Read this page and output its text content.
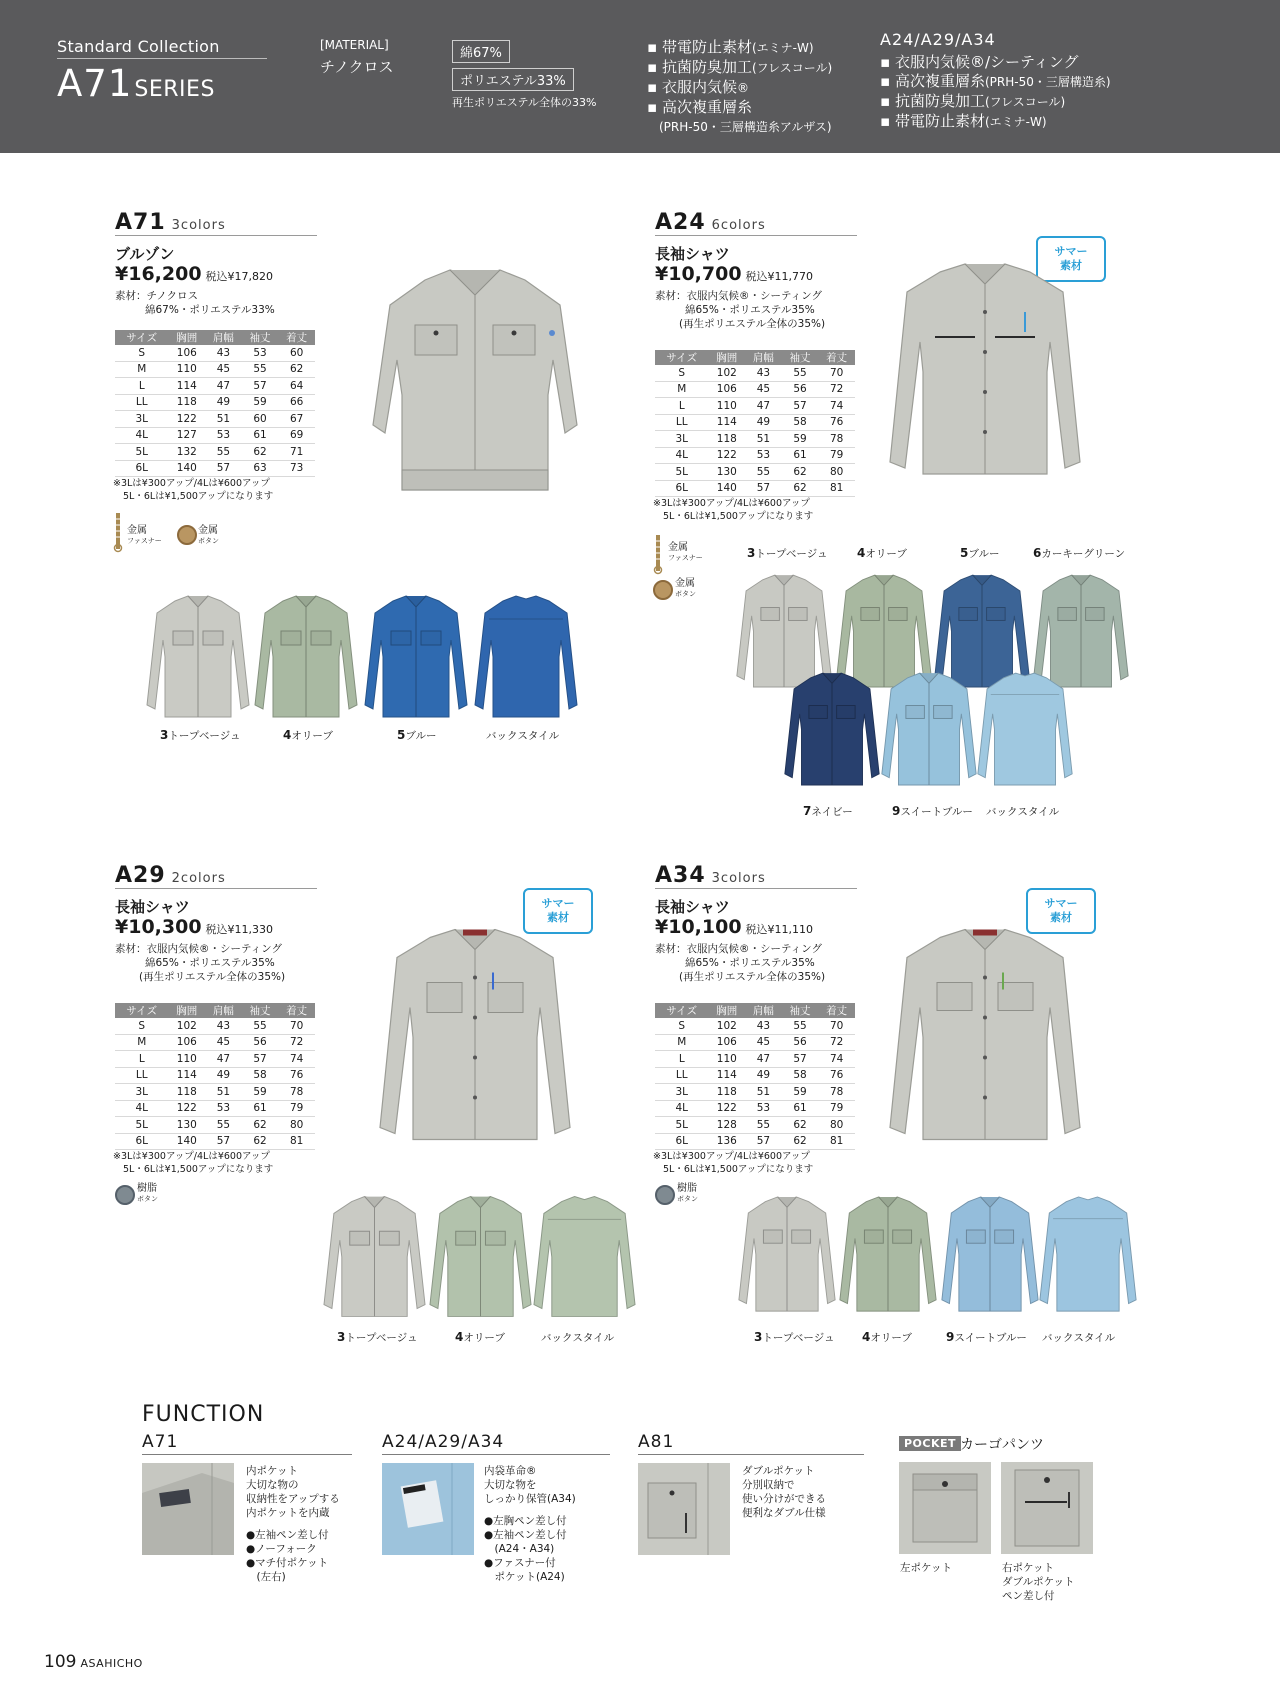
Standard Collection
A71SERIES
[MATERIAL]
チノクロス
綿67%
ポリエステル33%
再生ポリエステル全体の33%
▪ 帯電防止素材(エミナ-W)
▪ 抗菌防臭加工(フレスコール)
▪ 衣服内気候®
▪ 高次複重層糸
(PRH-50・三層構造糸アルザス)
A24/A29/A34
▪ 衣服内気候®/シーティング
▪ 高次複重層糸(PRH-50・三層構造糸)
▪ 抗菌防臭加工(フレスコール)
▪ 帯電防止素材(エミナ-W)
A71 3colors
ブルゾン
¥16,200 税込¥17,820
素材：チノクロス
綿67%・ポリエステル33%
サイズ	胸囲	肩幅	袖丈	着丈
S	106	43	53	60
M	110	45	55	62
L	114	47	57	64
LL	118	49	59	66
3L	122	51	60	67
4L	127	53	61	69
5L	132	55	62	71
6L	140	57	63	73
※3Lは¥300アップ/4Lは¥600アップ
5L・6Lは¥1,500アップになります
金属
ファスナー
金属
ボタン
3トープベージュ	4オリーブ	5ブルー	バックスタイル
A24 6colors
長袖シャツ
¥10,700 税込¥11,770
素材：衣服内気候®・シーティング
綿65%・ポリエステル35%
(再生ポリエステル全体の35%)
サイズ	胸囲	肩幅	袖丈	着丈
S	102	43	55	70
M	106	45	56	72
L	110	47	57	74
LL	114	49	58	76
3L	118	51	59	78
4L	122	53	61	79
5L	130	55	62	80
6L	140	57	62	81
※3Lは¥300アップ/4Lは¥600アップ
5L・6Lは¥1,500アップになります
サマー
素材
金属
ファスナー
金属
ボタン
3トープベージュ 4オリーブ	5ブルー	6カーキーグリーン
7ネイビー	9スイートブルー バックスタイル
A29 2colors
長袖シャツ
¥10,300 税込¥11,330
素材：衣服内気候®・シーティング
綿65%・ポリエステル35%
(再生ポリエステル全体の35%)
サイズ	胸囲	肩幅	袖丈	着丈
S	102	43	55	70
M	106	45	56	72
L	110	47	57	74
LL	114	49	58	76
3L	118	51	59	78
4L	122	53	61	79
5L	130	55	62	80
6L	140	57	62	81
※3Lは¥300アップ/4Lは¥600アップ
5L・6Lは¥1,500アップになります
サマー
素材
樹脂
ボタン
3トープベージュ	4オリーブ	バックスタイル
A34 3colors
長袖シャツ
¥10,100 税込¥11,110
素材：衣服内気候®・シーティング
綿65%・ポリエステル35%
(再生ポリエステル全体の35%)
サイズ	胸囲	肩幅	袖丈	着丈
S	102	43	55	70
M	106	45	56	72
L	110	47	57	74
LL	114	49	58	76
3L	118	51	59	78
4L	122	53	61	79
5L	128	55	62	80
6L	136	57	62	81
※3Lは¥300アップ/4Lは¥600アップ
5L・6Lは¥1,500アップになります
サマー
素材
樹脂
ボタン
3トープベージュ 4オリーブ	9スイートブルー バックスタイル
FUNCTION
A71
内ポケット
大切な物の
収納性をアップする
内ポケットを内蔵
●左袖ペン差し付
●ノーフォーク
●マチ付ポケット
　(左右)
A24/A29/A34
内袋革命®
大切な物を
しっかり保管(A34)
●左胸ペン差し付
●左袖ペン差し付
　(A24・A34)
●ファスナー付
　ポケット(A24)
A81
ダブルポケット
分別収納で
使い分けができる
便利なダブル仕様
POCKET カーゴパンツ
左ポケット	右ポケット
ダブルポケット
ペン差し付
109 ASAHICHO
